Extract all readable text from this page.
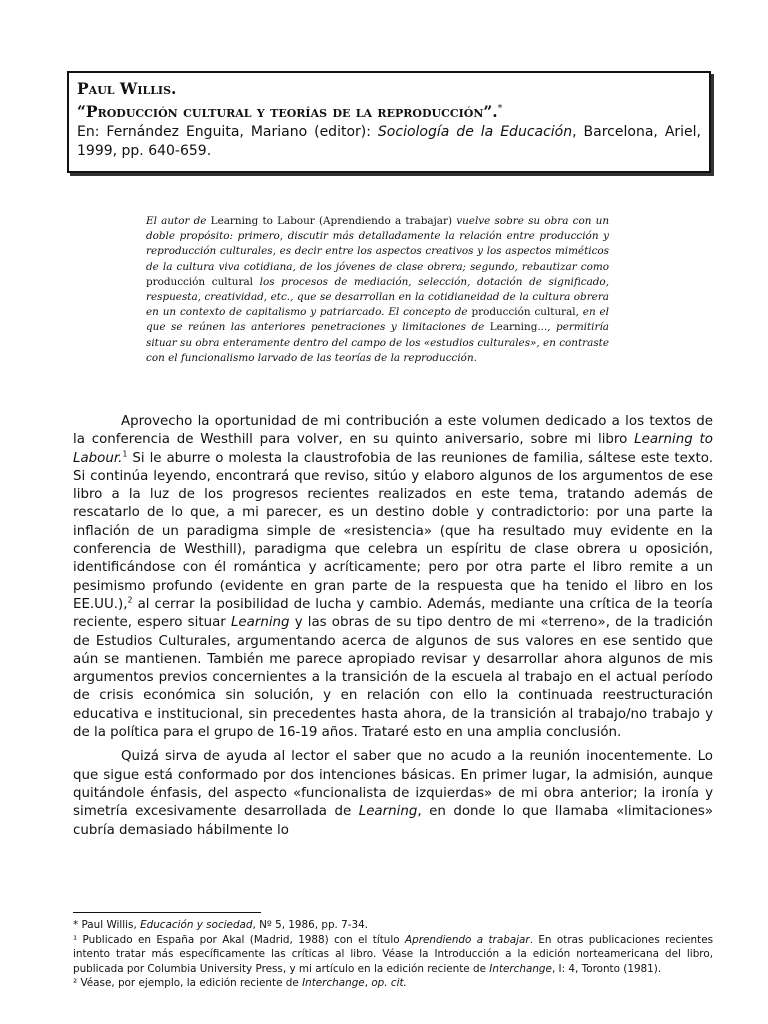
Paul Willis.
“Producción cultural y teorías de la reproducción”.*
En: Fernández Enguita, Mariano (editor): Sociología de la Educación, Barcelona, Ariel, 1999, pp. 640-659.
El autor de Learning to Labour (Aprendiendo a trabajar) vuelve sobre su obra con un doble propósito: primero, discutir más detalladamente la relación entre producción y reproducción culturales, es decir entre los aspectos creativos y los aspectos miméticos de la cultura viva cotidiana, de los jóvenes de clase obrera; segundo, rebautizar como producción cultural los procesos de mediación, selección, dotación de significado, respuesta, creatividad, etc., que se desarrollan en la cotidianeidad de la cultura obrera en un contexto de capitalismo y patriarcado. El concepto de producción cultural, en el que se reúnen las anteriores penetraciones y limitaciones de Learning..., permitiría situar su obra enteramente dentro del campo de los «estudios culturales», en contraste con el funcionalismo larvado de las teorías de la reproducción.

Aprovecho la oportunidad de mi contribución a este volumen dedicado a los textos de la conferencia de Westhill para volver, en su quinto aniversario, sobre mi libro Learning to Labour.$^1$ Si le aburre o molesta la claustrofobia de las reuniones de familia, sáltese este texto. Si continúa leyendo, encontrará que reviso, sitúo y elaboro algunos de los argumentos de ese libro a la luz de los progresos recientes realizados en este tema, tratando además de rescatarlo de lo que, a mi parecer, es un destino doble y contradictorio: por una parte la inflación de un paradigma simple de «resistencia» (que ha resultado muy evidente en la conferencia de Westhill), paradigma que celebra un espíritu de clase obrera u oposición, identificándose con él romántica y acríticamente; pero por otra parte el libro remite a un pesimismo profundo (evidente en gran parte de la respuesta que ha tenido el libro en los EE.UU.),$^2$ al cerrar la posibilidad de lucha y cambio. Además, mediante una crítica de la teoría reciente, espero situar Learning y las obras de su tipo dentro de mi «terreno», de la tradición de Estudios Culturales, argumentando acerca de algunos de sus valores en ese sentido que aún se mantienen. También me parece apropiado revisar y desarrollar ahora algunos de mis argumentos previos concernientes a la transición de la escuela al trabajo en el actual período de crisis económica sin solución, y en relación con ello la continuada reestructuración educativa e institucional, sin precedentes hasta ahora, de la transición al trabajo/no trabajo y de la política para el grupo de 16-19 años. Trataré esto en una amplia conclusión.

Quizá sirva de ayuda al lector el saber que no acudo a la reunión inocentemente. Lo que sigue está conformado por dos intenciones básicas. En primer lugar, la admisión, aunque quitándole énfasis, del aspecto «funcionalista de izquierdas» de mi obra anterior; la ironía y simetría excesivamente desarrollada de Learning, en donde lo que llamaba «limitaciones» cubría demasiado hábilmente lo

* Paul Willis, Educación y sociedad, Nº 5, 1986, pp. 7-34.

¹ Publicado en España por Akal (Madrid, 1988) con el título Aprendiendo a trabajar. En otras publicaciones recientes intento tratar más específicamente las críticas al libro. Véase la Introducción a la edición norteamericana del libro, publicada por Columbia University Press, y mi artículo en la edición reciente de Interchange, I: 4, Toronto (1981).

² Véase, por ejemplo, la edición reciente de Interchange, op. cit.
